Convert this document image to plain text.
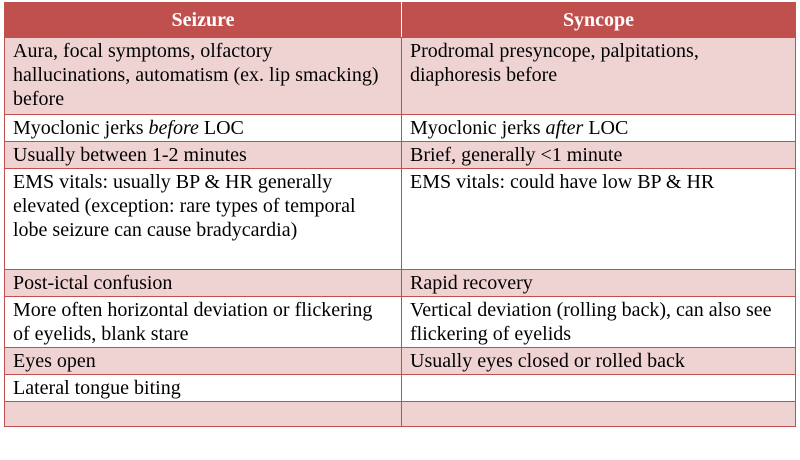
Seizure	Syncope
Aura, focal symptoms, olfactory hallucinations, automatism (ex. lip smacking) before	Prodromal presyncope, palpitations, diaphoresis before
Myoclonic jerks before LOC	Myoclonic jerks after LOC
Usually between 1-2 minutes	Brief, generally <1 minute
EMS vitals: usually BP & HR generally elevated (exception: rare types of temporal lobe seizure can cause bradycardia)	EMS vitals: could have low BP & HR
Post-ictal confusion	Rapid recovery
More often horizontal deviation or flickering of eyelids, blank stare	Vertical deviation (rolling back), can also see flickering of eyelids
Eyes open	Usually eyes closed or rolled back
Lateral tongue biting	
